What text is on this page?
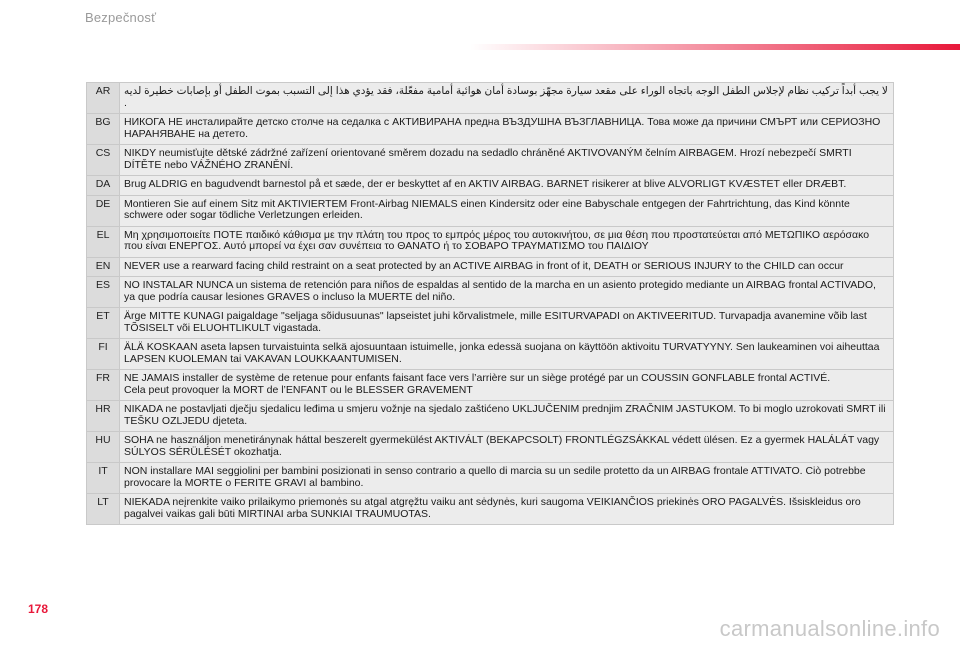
Bezpečnosť
AR	لا يجب أبداً تركيب نظام لإجلاس الطفل الوجه باتجاه الوراء على مقعد سيارة مجهّز بوسادة أمان هوائية أمامية مفعّلة، فقد يؤدي هذا إلى التسبب بموت الطفل أو بإصابات خطيرة لديه .
BG	НИКОГА НЕ инсталирайте детско столче на седалка с АКТИВИРАНА предна ВЪЗДУШНА ВЪЗГЛАВНИЦА. Това може да причини СМЪРТ или СЕРИОЗНО НАРАНЯВАНЕ на детето.
CS	NIKDY neumisťujte dětské zádržné zařízení orientované směrem dozadu na sedadlo chráněné AKTIVOVANÝM čelním AIRBAGEM. Hrozí nebezpečí SMRTI DÍTĚTE nebo VÁŽNÉHO ZRANĚNÍ.
DA	Brug ALDRIG en bagudvendt barnestol på et sæde, der er beskyttet af en AKTIV AIRBAG. BARNET risikerer at blive ALVORLIGT KVÆSTET eller DRÆBT.
DE	Montieren Sie auf einem Sitz mit AKTIVIERTEM Front-Airbag NIEMALS einen Kindersitz oder eine Babyschale entgegen der Fahrtrichtung, das Kind könnte schwere oder sogar tödliche Verletzungen erleiden.
EL	Μη χρησιμοποιείτε ΠΟΤΕ παιδικό κάθισμα με την πλάτη του προς το εμπρός μέρος του αυτοκινήτου, σε μια θέση που προστατεύεται από ΜΕΤΩΠΙΚΟ αερόσακο που είναι ΕΝΕΡΓΟΣ. Αυτό μπορεί να έχει σαν συνέπεια το ΘΑΝΑΤΟ ή το ΣΟΒΑΡΟ ΤΡΑΥΜΑΤΙΣΜΟ του ΠΑΙΔΙΟΥ
EN	NEVER use a rearward facing child restraint on a seat protected by an ACTIVE AIRBAG in front of it, DEATH or SERIOUS INJURY to the CHILD can occur
ES	NO INSTALAR NUNCA un sistema de retención para niños de espaldas al sentido de la marcha en un asiento protegido mediante un AIRBAG frontal ACTIVADO, ya que podría causar lesiones GRAVES o incluso la MUERTE del niño.
ET	Ärge MITTE KUNAGI paigaldage "seljaga sõidusuunas" lapseistet juhi kõrvalistmele, mille ESITURVAPADI on AKTIVEERITUD. Turvapadja avanemine võib last TÕSISELT või ELUOHTLIKULT vigastada.
FI	ÄLÄ KOSKAAN aseta lapsen turvaistuinta selkä ajosuuntaan istuimelle, jonka edessä suojana on käyttöön aktivoitu TURVATYYNY. Sen laukeaminen voi aiheuttaa LAPSEN KUOLEMAN tai VAKAVAN LOUKKAANTUMISEN.
FR	NE JAMAIS installer de système de retenue pour enfants faisant face vers l’arrière sur un siège protégé par un COUSSIN GONFLABLE frontal ACTIVÉ.
Cela peut provoquer la MORT de l’ENFANT ou le BLESSER GRAVEMENT

HR	NIKADA ne postavljati dječju sjedalicu leđima u smjeru vožnje na sjedalo zaštićeno UKLJUČENIM prednjim ZRAČNIM JASTUKOM. To bi moglo uzrokovati SMRT ili TEŠKU OZLJEDU djeteta.
HU	SOHA ne használjon menetiránynak háttal beszerelt gyermekülést AKTIVÁLT (BEKAPCSOLT) FRONTLÉGZSÁKKAL védett ülésen. Ez a gyermek HALÁLÁT vagy SÚLYOS SÉRÜLÉSÉT okozhatja.
IT	NON installare MAI seggiolini per bambini posizionati in senso contrario a quello di marcia su un sedile protetto da un AIRBAG frontale ATTIVATO. Ciò potrebbe provocare la MORTE o FERITE GRAVI al bambino.
LT	NIEKADA neįrenkite vaiko prilaikymo priemonės su atgal atgręžtu vaiku ant sėdynės, kuri saugoma VEIKIANČIOS priekinės ORO PAGALVĖS. Išsiskleidus oro pagalvei vaikas gali būti MIRTINAI arba SUNKIAI TRAUMUOTAS.
178
carmanualsonline.info
